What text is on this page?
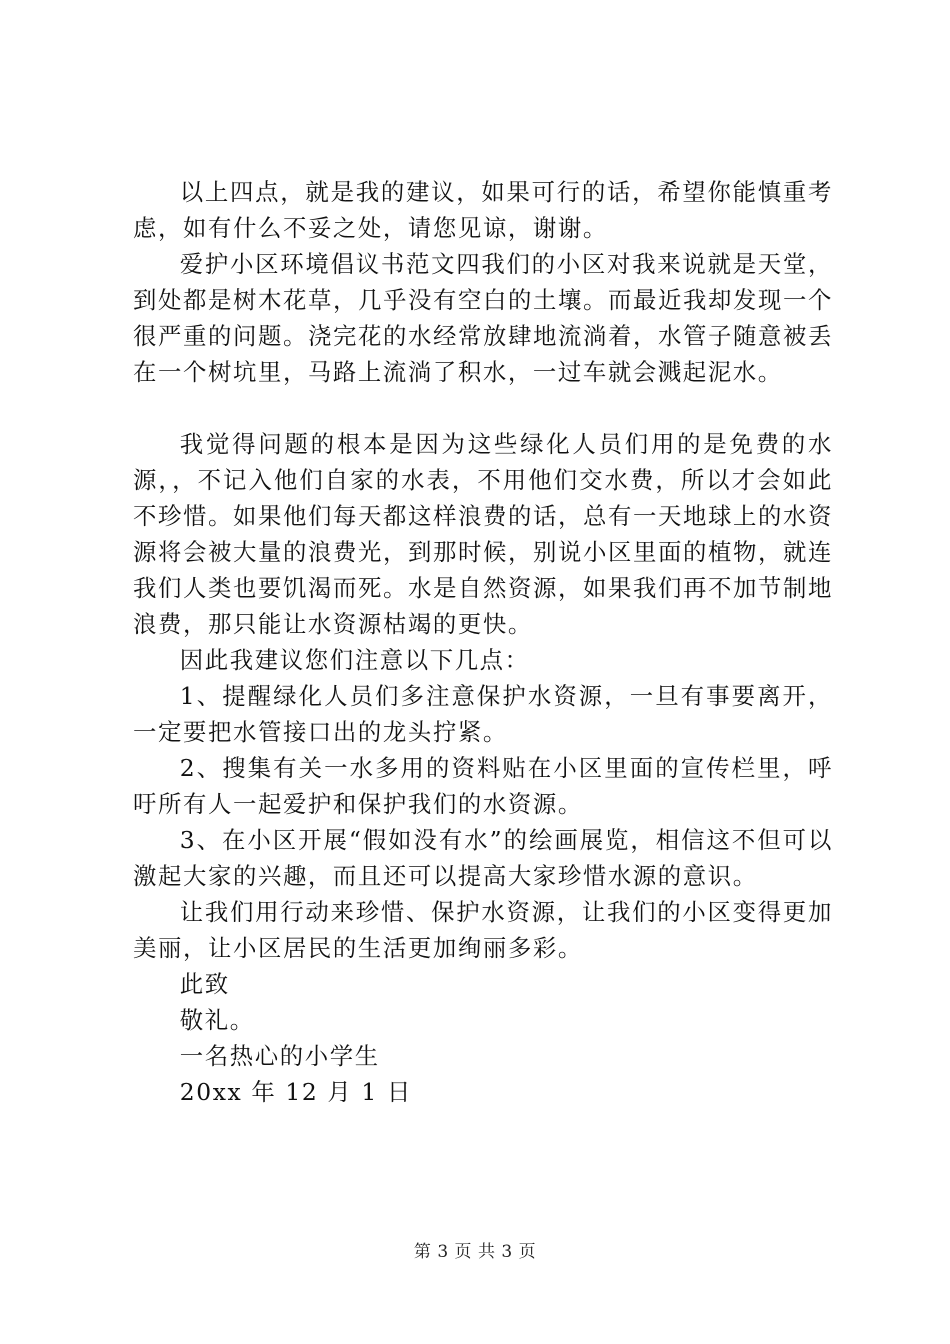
以上四点，就是我的建议，如果可行的话，希望你能慎重考虑，如有什么不妥之处，请您见谅，谢谢。

爱护小区环境倡议书范文四我们的小区对我来说就是天堂，到处都是树木花草，几乎没有空白的土壤。而最近我却发现一个很严重的问题。浇完花的水经常放肆地流淌着，水管子随意被丢在一个树坑里，马路上流淌了积水，一过车就会溅起泥水。

我觉得问题的根本是因为这些绿化人员们用的是免费的水源，，不记入他们自家的水表，不用他们交水费，所以才会如此不珍惜。如果他们每天都这样浪费的话，总有一天地球上的水资源将会被大量的浪费光，到那时候，别说小区里面的植物，就连我们人类也要饥渴而死。水是自然资源，如果我们再不加节制地浪费，那只能让水资源枯竭的更快。

因此我建议您们注意以下几点：

1、提醒绿化人员们多注意保护水资源，一旦有事要离开，一定要把水管接口出的龙头拧紧。

2、搜集有关一水多用的资料贴在小区里面的宣传栏里，呼吁所有人一起爱护和保护我们的水资源。

3、在小区开展“假如没有水”的绘画展览，相信这不但可以激起大家的兴趣，而且还可以提高大家珍惜水源的意识。

让我们用行动来珍惜、保护水资源，让我们的小区变得更加美丽，让小区居民的生活更加绚丽多彩。

此致

敬礼。

一名热心的小学生

20xx 年 12 月 1 日

第 3 页 共 3 页
